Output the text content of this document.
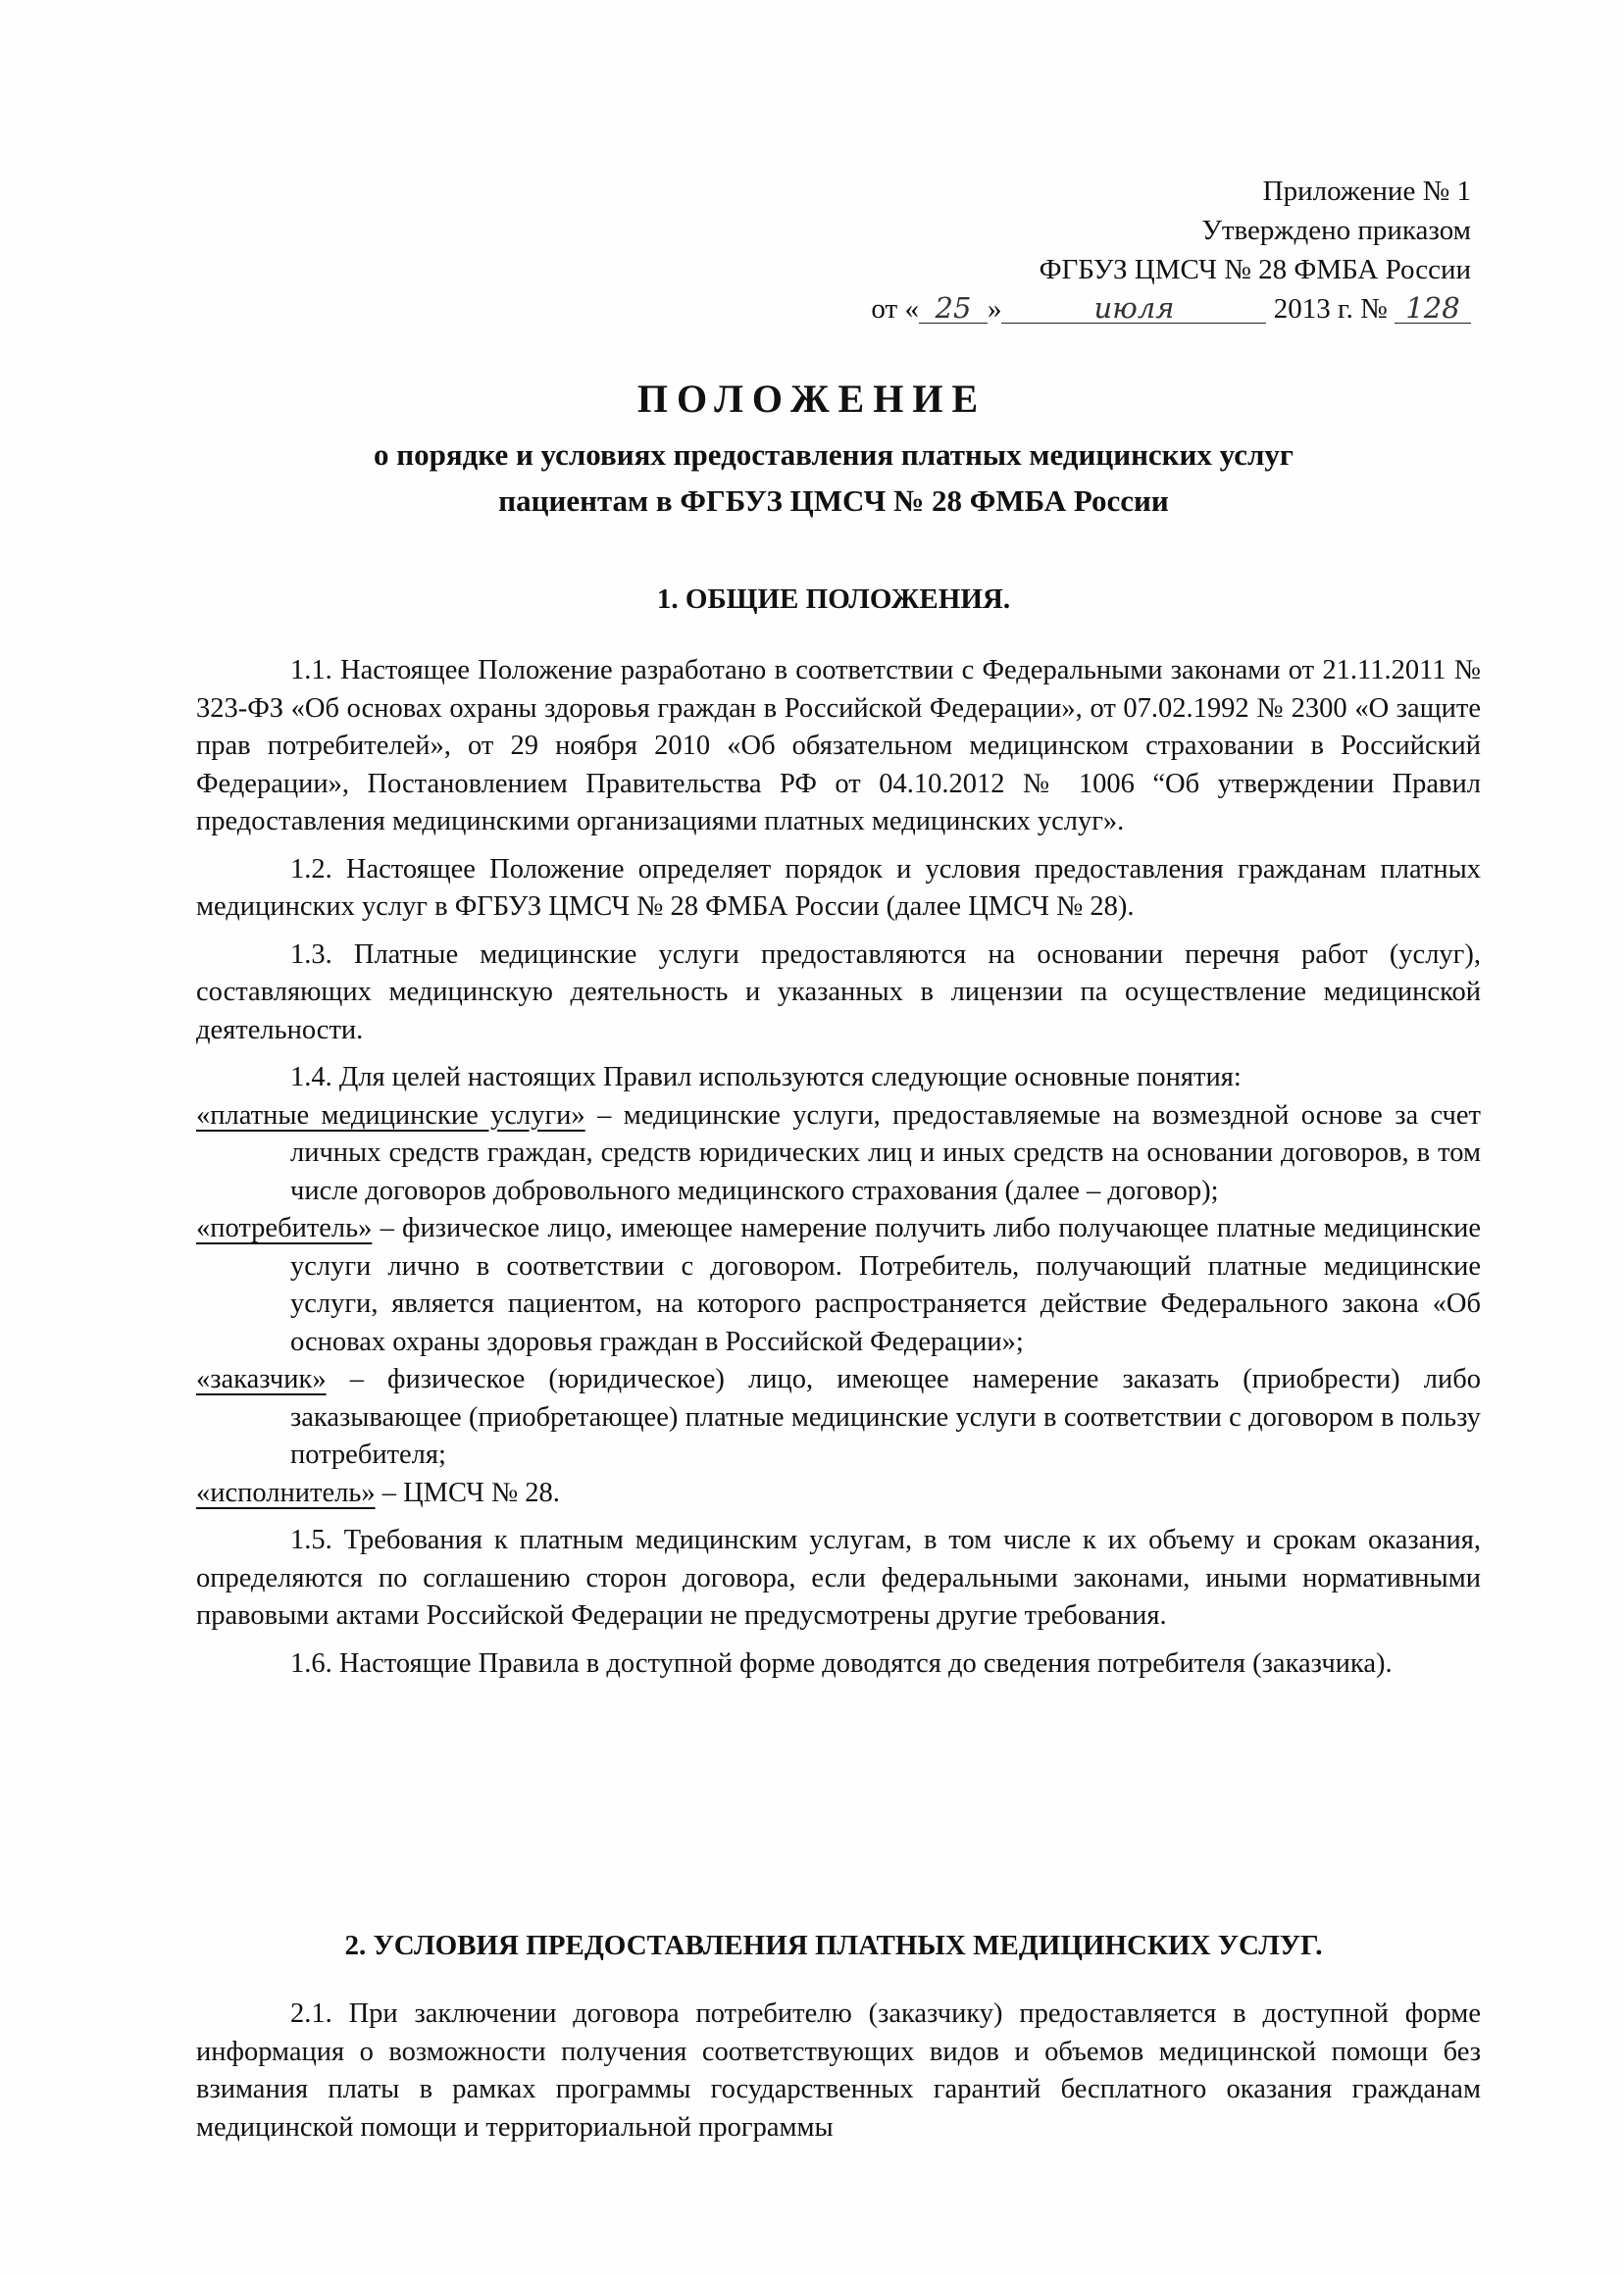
Приложение № 1
Утверждено приказом
ФГБУЗ ЦМСЧ № 28 ФМБА России
от « 25 »	июля	2013 г. № 128
ПОЛОЖЕНИЕ
о порядке и условиях предоставления платных медицинских услуг
пациентам в ФГБУЗ ЦМСЧ № 28 ФМБА России
1. ОБЩИЕ ПОЛОЖЕНИЯ.

1.1. Настоящее Положение разработано в соответствии с Федеральными законами от 21.11.2011 № 323-ФЗ «Об основах охраны здоровья граждан в Российской Федерации», от 07.02.1992 № 2300 «О защите прав потребителей», от 29 ноября 2010 «Об обязательном медицинском страховании в Российский Федерации», Постановлением Правительства РФ от 04.10.2012 № 1006 “Об утверждении Правил предоставления медицинскими организациями платных медицинских услуг».

1.2. Настоящее Положение определяет порядок и условия предоставления гражданам платных медицинских услуг в ФГБУЗ ЦМСЧ № 28 ФМБА России (далее ЦМСЧ № 28).

1.3. Платные медицинские услуги предоставляются на основании перечня работ (услуг), составляющих медицинскую деятельность и указанных в лицензии па осуществление медицинской деятельности.

1.4. Для целей настоящих Правил используются следующие основные понятия:

«платные медицинские услуги» – медицинские услуги, предоставляемые на возмездной основе за счет личных средств граждан, средств юридических лиц и иных средств на основании договоров, в том числе договоров добровольного медицинского страхования (далее – договор);

«потребитель» – физическое лицо, имеющее намерение получить либо получающее платные медицинские услуги лично в соответствии с договором. Потребитель, получающий платные медицинские услуги, является пациентом, на которого распространяется действие Федерального закона «Об основах охраны здоровья граждан в Российской Федерации»;

«заказчик» – физическое (юридическое) лицо, имеющее намерение заказать (приобрести) либо заказывающее (приобретающее) платные медицинские услуги в соответствии с договором в пользу потребителя;

«исполнитель» – ЦМСЧ № 28.

1.5. Требования к платным медицинским услугам, в том числе к их объему и срокам оказания, определяются по соглашению сторон договора, если федеральными законами, иными нормативными правовыми актами Российской Федерации не предусмотрены другие требования.

1.6. Настоящие Правила в доступной форме доводятся до сведения потребителя (заказчика).

2. УСЛОВИЯ ПРЕДОСТАВЛЕНИЯ ПЛАТНЫХ МЕДИЦИНСКИХ УСЛУГ.

2.1. При заключении договора потребителю (заказчику) предоставляется в доступной форме информация о возможности получения соответствующих видов и объемов медицинской помощи без взимания платы в рамках программы государственных гарантий бесплатного оказания гражданам медицинской помощи и территориальной программы
